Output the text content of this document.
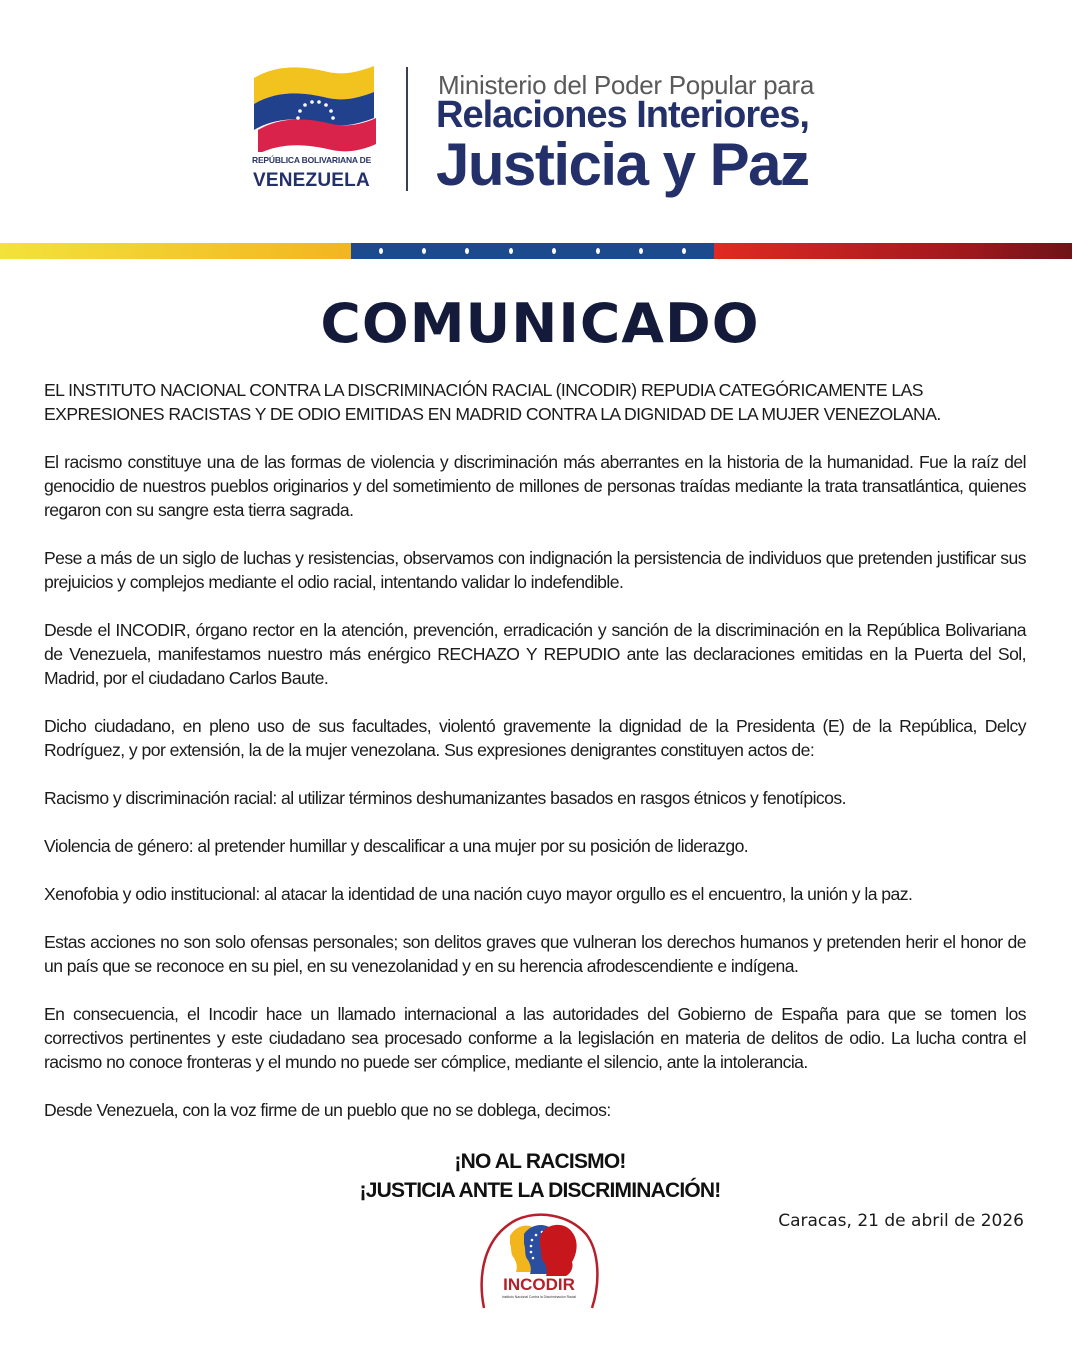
REPÚBLICA BOLIVARIANA DE
VENEZUELA
Ministerio del Poder Popular para
Relaciones Interiores,
Justicia y Paz
COMUNICADO

EL INSTITUTO NACIONAL CONTRA LA DISCRIMINACIÓN RACIAL (INCODIR) REPUDIA CATEGÓRICAMENTE LAS EXPRESIONES RACISTAS Y DE ODIO EMITIDAS EN MADRID CONTRA LA DIGNIDAD DE LA MUJER VENEZOLANA.

El racismo constituye una de las formas de violencia y discriminación más aberrantes en la historia de la humanidad. Fue la raíz del genocidio de nuestros pueblos originarios y del sometimiento de millones de personas traídas mediante la trata transatlántica, quienes regaron con su sangre esta tierra sagrada.

Pese a más de un siglo de luchas y resistencias, observamos con indignación la persistencia de individuos que pretenden justificar sus prejuicios y complejos mediante el odio racial, intentando validar lo indefendible.

Desde el INCODIR, órgano rector en la atención, prevención, erradicación y sanción de la discriminación en la República Bolivariana de Venezuela, manifestamos nuestro más enérgico RECHAZO Y REPUDIO ante las declaraciones emitidas en la Puerta del Sol, Madrid, por el ciudadano Carlos Baute.

Dicho ciudadano, en pleno uso de sus facultades, violentó gravemente la dignidad de la Presidenta (E) de la República, Delcy Rodríguez, y por extensión, la de la mujer venezolana. Sus expresiones denigrantes constituyen actos de:

Racismo y discriminación racial: al utilizar términos deshumanizantes basados en rasgos étnicos y fenotípicos.

Violencia de género: al pretender humillar y descalificar a una mujer por su posición de liderazgo.

Xenofobia y odio institucional: al atacar la identidad de una nación cuyo mayor orgullo es el encuentro, la unión y la paz.

Estas acciones no son solo ofensas personales; son delitos graves que vulneran los derechos humanos y pretenden herir el honor de un país que se reconoce en su piel, en su venezolanidad y en su herencia afrodescendiente e indígena.

En consecuencia, el Incodir hace un llamado internacional a las autoridades del Gobierno de España para que se tomen los correctivos pertinentes y este ciudadano sea procesado conforme a la legislación en materia de delitos de odio. La lucha contra el racismo no conoce fronteras y el mundo no puede ser cómplice, mediante el silencio, ante la intolerancia.

Desde Venezuela, con la voz firme de un pueblo que no se doblega, decimos:

¡NO AL RACISMO!
¡JUSTICIA ANTE LA DISCRIMINACIÓN!
Caracas, 21 de abril de 2026
INCODIR
Instituto Nacional Contra la Discriminación Racial
